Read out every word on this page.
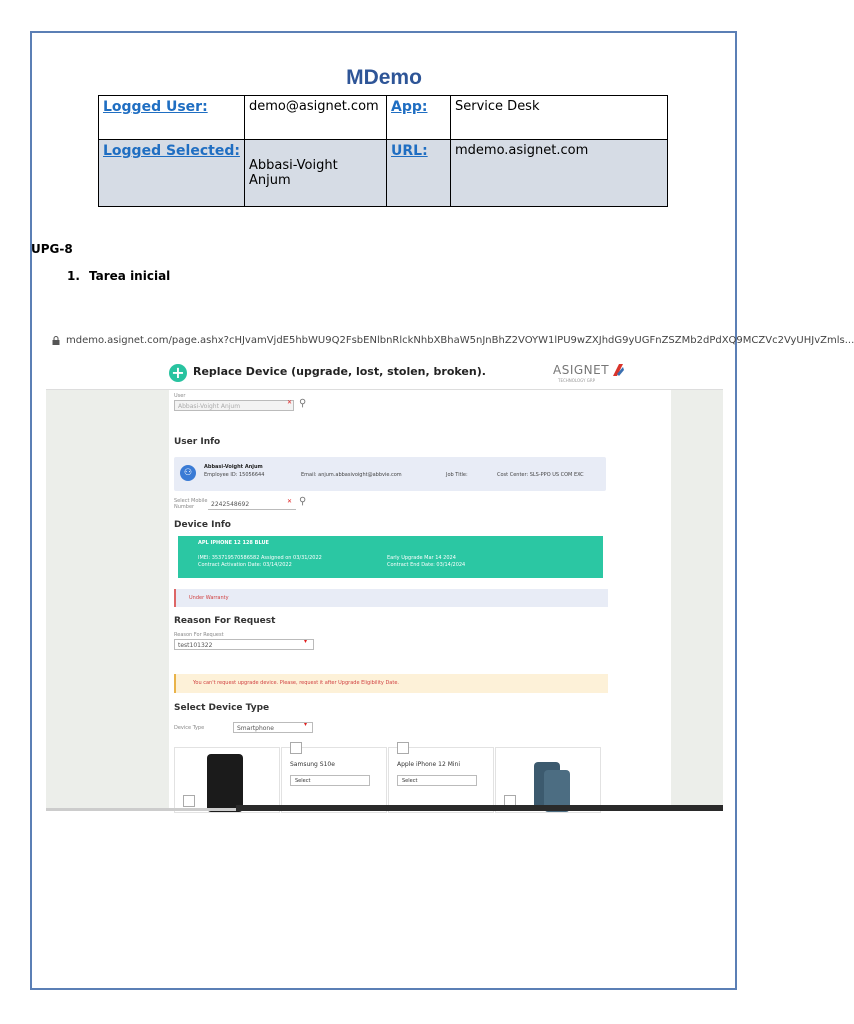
MDemo
Logged User:	demo@asignet.com	App:	Service Desk
Logged Selected:	Abbasi-Voight Anjum	URL:	mdemo.asignet.com
UPG-8
1. Tarea inicial
mdemo.asignet.com/page.ashx?cHJvamVjdE5hbWU9Q2FsbENlbnRlckNhbXBhaW5nJnBhZ2VOYW1lPU9wZXJhdG9yUGFnZSZMb2dPdXQ9MCZVc2VyUHJvZmls...
+ Replace Device (upgrade, lost, stolen, broken).	ASIGNET
TECHNOLOGY GRP
User
Abbasi-Voight Anjum
✕ ⚲
User Info
⚇
Abbasi-Voight Anjum
Employee ID: 15056644	Email: anjum.abbasivoight@abbvie.com	Job Title:	Cost Center: SLS-PPO US COM EXC
Select Mobile Number	2242548692	✕ ⚲
Device Info
APL IPHONE 12 128 BLUE
IMEI: 353719570586582 Assigned on 03/31/2022
Contract Activation Date: 03/14/2022
Early Upgrade Mar 14 2024
Contract End Date: 03/14/2024
Under Warranty
Reason For Request
Reason For Request
test101322
▾
You can't request upgrade device. Please, request it after Upgrade Eligibility Date.
Select Device Type
Device Type	Smartphone
▾
Samsung S10e
Select
Apple iPhone 12 Mini
Select
